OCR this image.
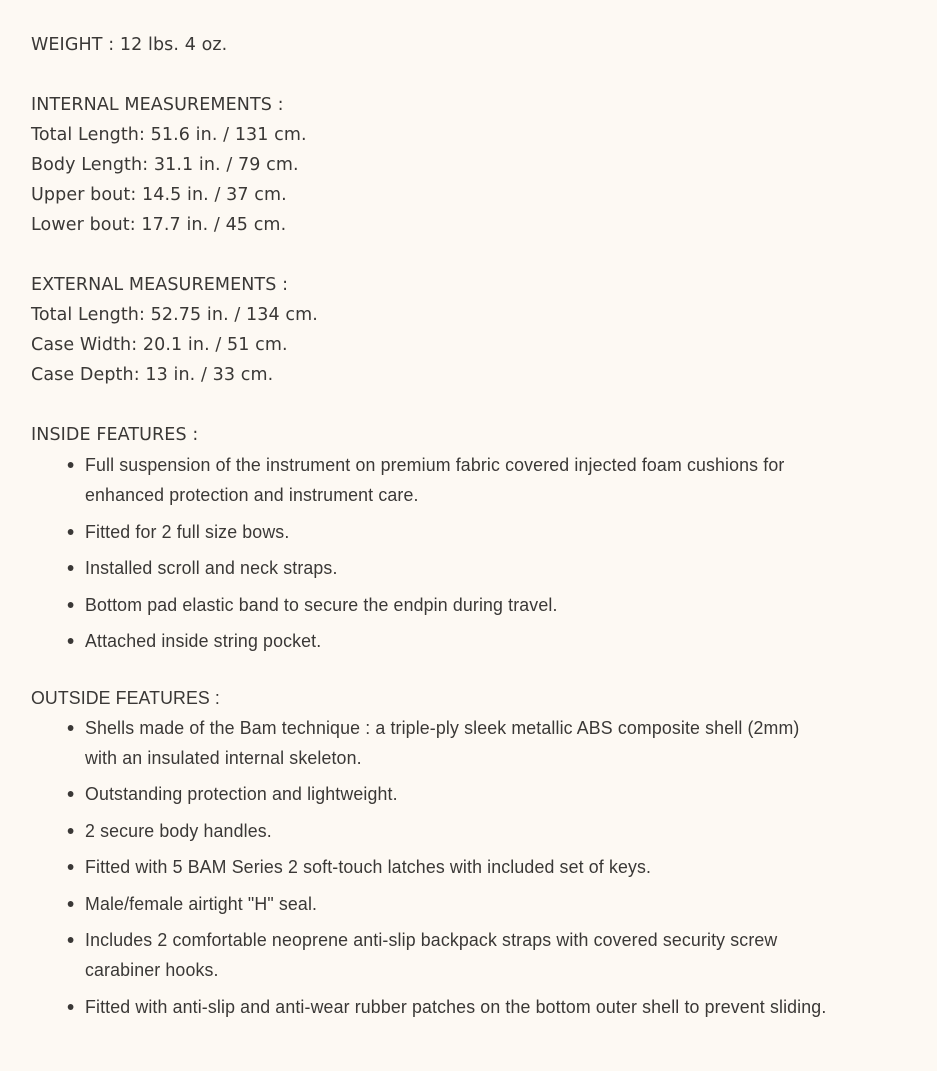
WEIGHT : 12 lbs. 4 oz.
INTERNAL MEASUREMENTS :
Total Length: 51.6 in. / 131 cm.
Body Length: 31.1 in. / 79 cm.
Upper bout: 14.5 in. / 37 cm.
Lower bout: 17.7 in. / 45 cm.
EXTERNAL MEASUREMENTS :
Total Length: 52.75 in. / 134 cm.
Case Width: 20.1 in. / 51 cm.
Case Depth: 13 in. / 33 cm.
INSIDE FEATURES :
Full suspension of the instrument on premium fabric covered injected foam cushions for enhanced protection and instrument care.
Fitted for 2 full size bows.
Installed scroll and neck straps.
Bottom pad elastic band to secure the endpin during travel.
Attached inside string pocket.
OUTSIDE FEATURES :
Shells made of the Bam technique : a triple-ply sleek metallic ABS composite shell (2mm) with an insulated internal skeleton.
Outstanding protection and lightweight.
2 secure body handles.
Fitted with 5 BAM Series 2 soft-touch latches with included set of keys.
Male/female airtight "H" seal.
Includes 2 comfortable neoprene anti-slip backpack straps with covered security screw carabiner hooks.
Fitted with anti-slip and anti-wear rubber patches on the bottom outer shell to prevent sliding.
